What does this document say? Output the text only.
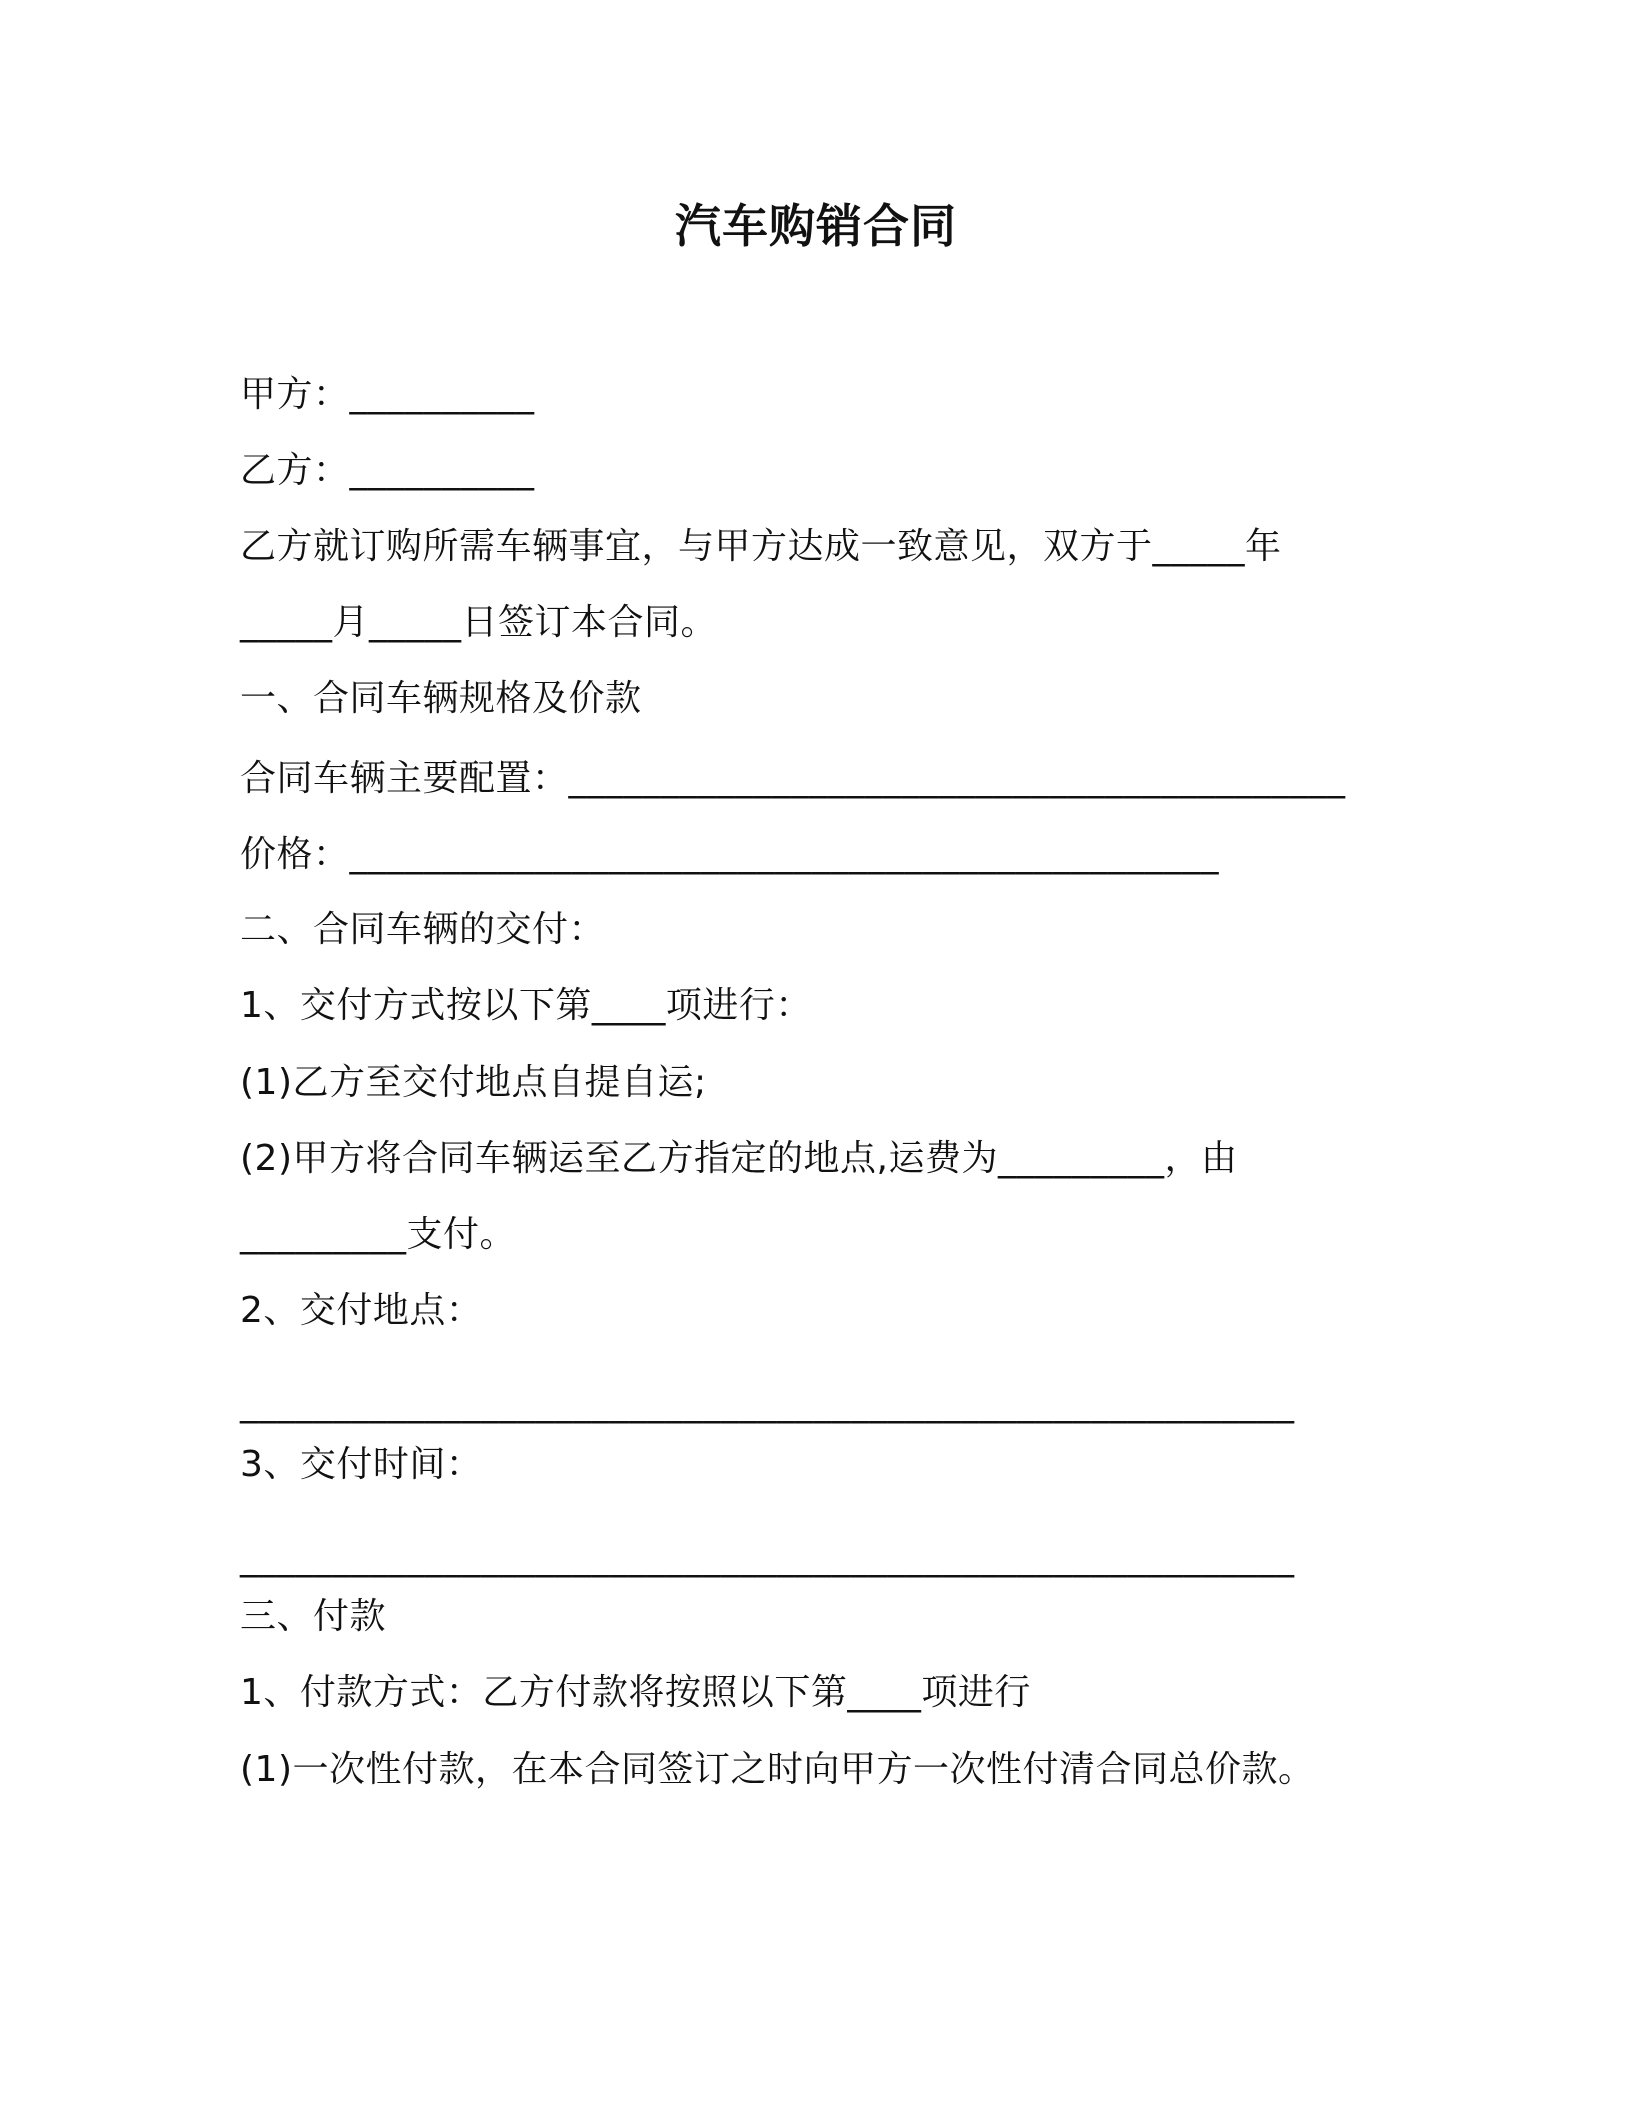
汽车购销合同
甲方：__________
乙方：__________
乙方就订购所需车辆事宜，与甲方达成一致意见，双方于_____年
_____月_____日签订本合同。
一、合同车辆规格及价款
合同车辆主要配置：__________________________________________
价格：_______________________________________________
二、合同车辆的交付：
1、交付方式按以下第____项进行：
(1)乙方至交付地点自提自运;
(2)甲方将合同车辆运至乙方指定的地点,运费为_________，由
_________支付。
2、交付地点：
_________________________________________________________
3、交付时间：
_________________________________________________________
三、付款
1、付款方式：乙方付款将按照以下第____项进行
(1)一次性付款，在本合同签订之时向甲方一次性付清合同总价款。
